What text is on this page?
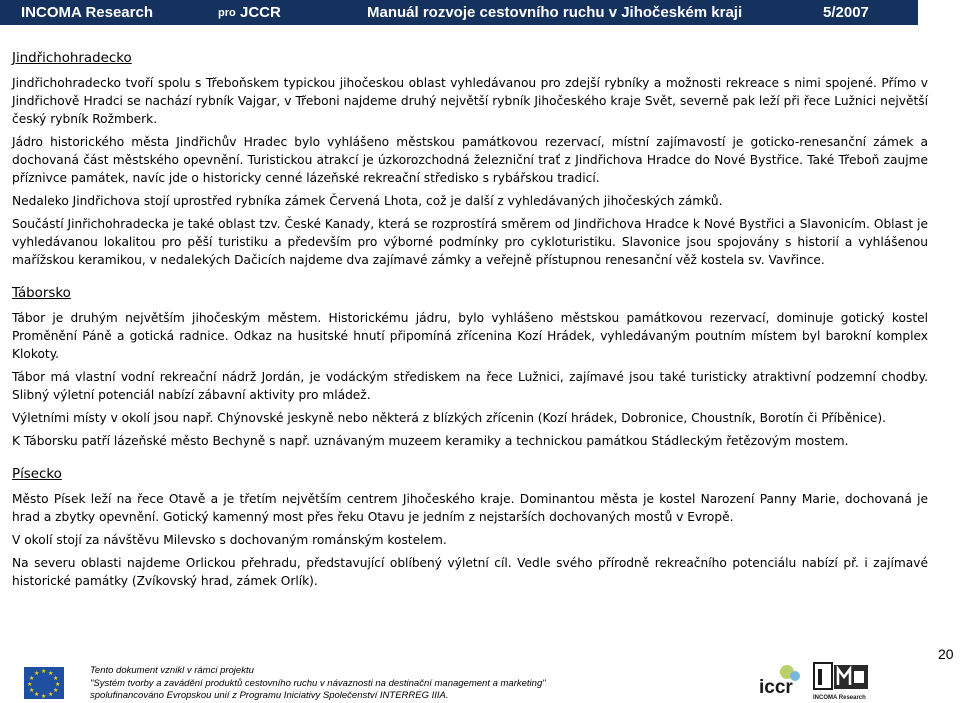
INCOMA Research	pro JCCR	Manuál rozvoje cestovního ruchu v Jihočeském kraji	5/2007
Jindřichohradecko

Jindřichohradecko tvoří spolu s Třeboňskem typickou jihočeskou oblast vyhledávanou pro zdejší rybníky a možnosti rekreace s nimi spojené. Přímo v Jindřichově Hradci se nachází rybník Vajgar, v Třeboni najdeme druhý největší rybník Jihočeského kraje Svět, severně pak leží při řece Lužnici největší český rybník Rožmberk.

Jádro historického města Jindřichův Hradec bylo vyhlášeno městskou památkovou rezervací, místní zajímavostí je goticko-renesanční zámek a dochovaná část městského opevnění. Turistickou atrakcí je úzkorozchodná železniční trať z Jindřichova Hradce do Nové Bystřice. Také Třeboň zaujme příznivce památek, navíc jde o historicky cenné lázeňské rekreační středisko s rybářskou tradicí.

Nedaleko Jindřichova stojí uprostřed rybníka zámek Červená Lhota, což je další z vyhledávaných jihočeských zámků.

Součástí Jinřichohradecka je také oblast tzv. České Kanady, která se rozprostírá směrem od Jindřichova Hradce k Nové Bystřici a Slavonicím. Oblast je vyhledávanou lokalitou pro pěší turistiku a především pro výborné podmínky pro cykloturistiku. Slavonice jsou spojovány s historií a vyhlášenou mařížskou keramikou, v nedalekých Dačicích najdeme dva zajímavé zámky a veřejně přístupnou renesanční věž kostela sv. Vavřince.

Táborsko

Tábor je druhým největším jihočeským městem. Historickému jádru, bylo vyhlášeno městskou památkovou rezervací, dominuje gotický kostel Proměnění Páně a gotická radnice. Odkaz na husitské hnutí připomíná zřícenina Kozí Hrádek, vyhledávaným poutním místem byl barokní komplex Klokoty.

Tábor má vlastní vodní rekreační nádrž Jordán, je vodáckým střediskem na řece Lužnici, zajímavé jsou také turisticky atraktivní podzemní chodby. Slibný výletní potenciál nabízí zábavní aktivity pro mládež.

Výletními místy v okolí jsou např. Chýnovské jeskyně nebo některá z blízkých zřícenin (Kozí hrádek, Dobronice, Choustník, Borotín či Příběnice).

K Táborsku patří lázeňské město Bechyně s např. uznávaným muzeem keramiky a technickou památkou Stádleckým řetězovým mostem.

Písecko

Město Písek leží na řece Otavě a je třetím největším centrem Jihočeského kraje. Dominantou města je kostel Narození Panny Marie, dochovaná je hrad a zbytky opevnění. Gotický kamenný most přes řeku Otavu je jedním z nejstarších dochovaných mostů v Evropě.

V okolí stojí za návštěvu Milevsko s dochovaným románským kostelem.

Na severu oblasti najdeme Orlickou přehradu, představující oblíbený výletní cíl. Vedle svého přírodně rekreačního potenciálu nabízí př. i zajímavé historické památky (Zvíkovský hrad, zámek Orlík).

20
★ ★
★
★
★
★
★
★
★
★
★
★	Tento dokument vznikl v rámci projektu
"Systém tvorby a zavádění produktů cestovního ruchu v návaznosti na destinační management a marketing"
spolufinancováno Evropskou unií z Programu Iniciativy Společenství INTERREG IIIA.	iccr	INCOMA Research
